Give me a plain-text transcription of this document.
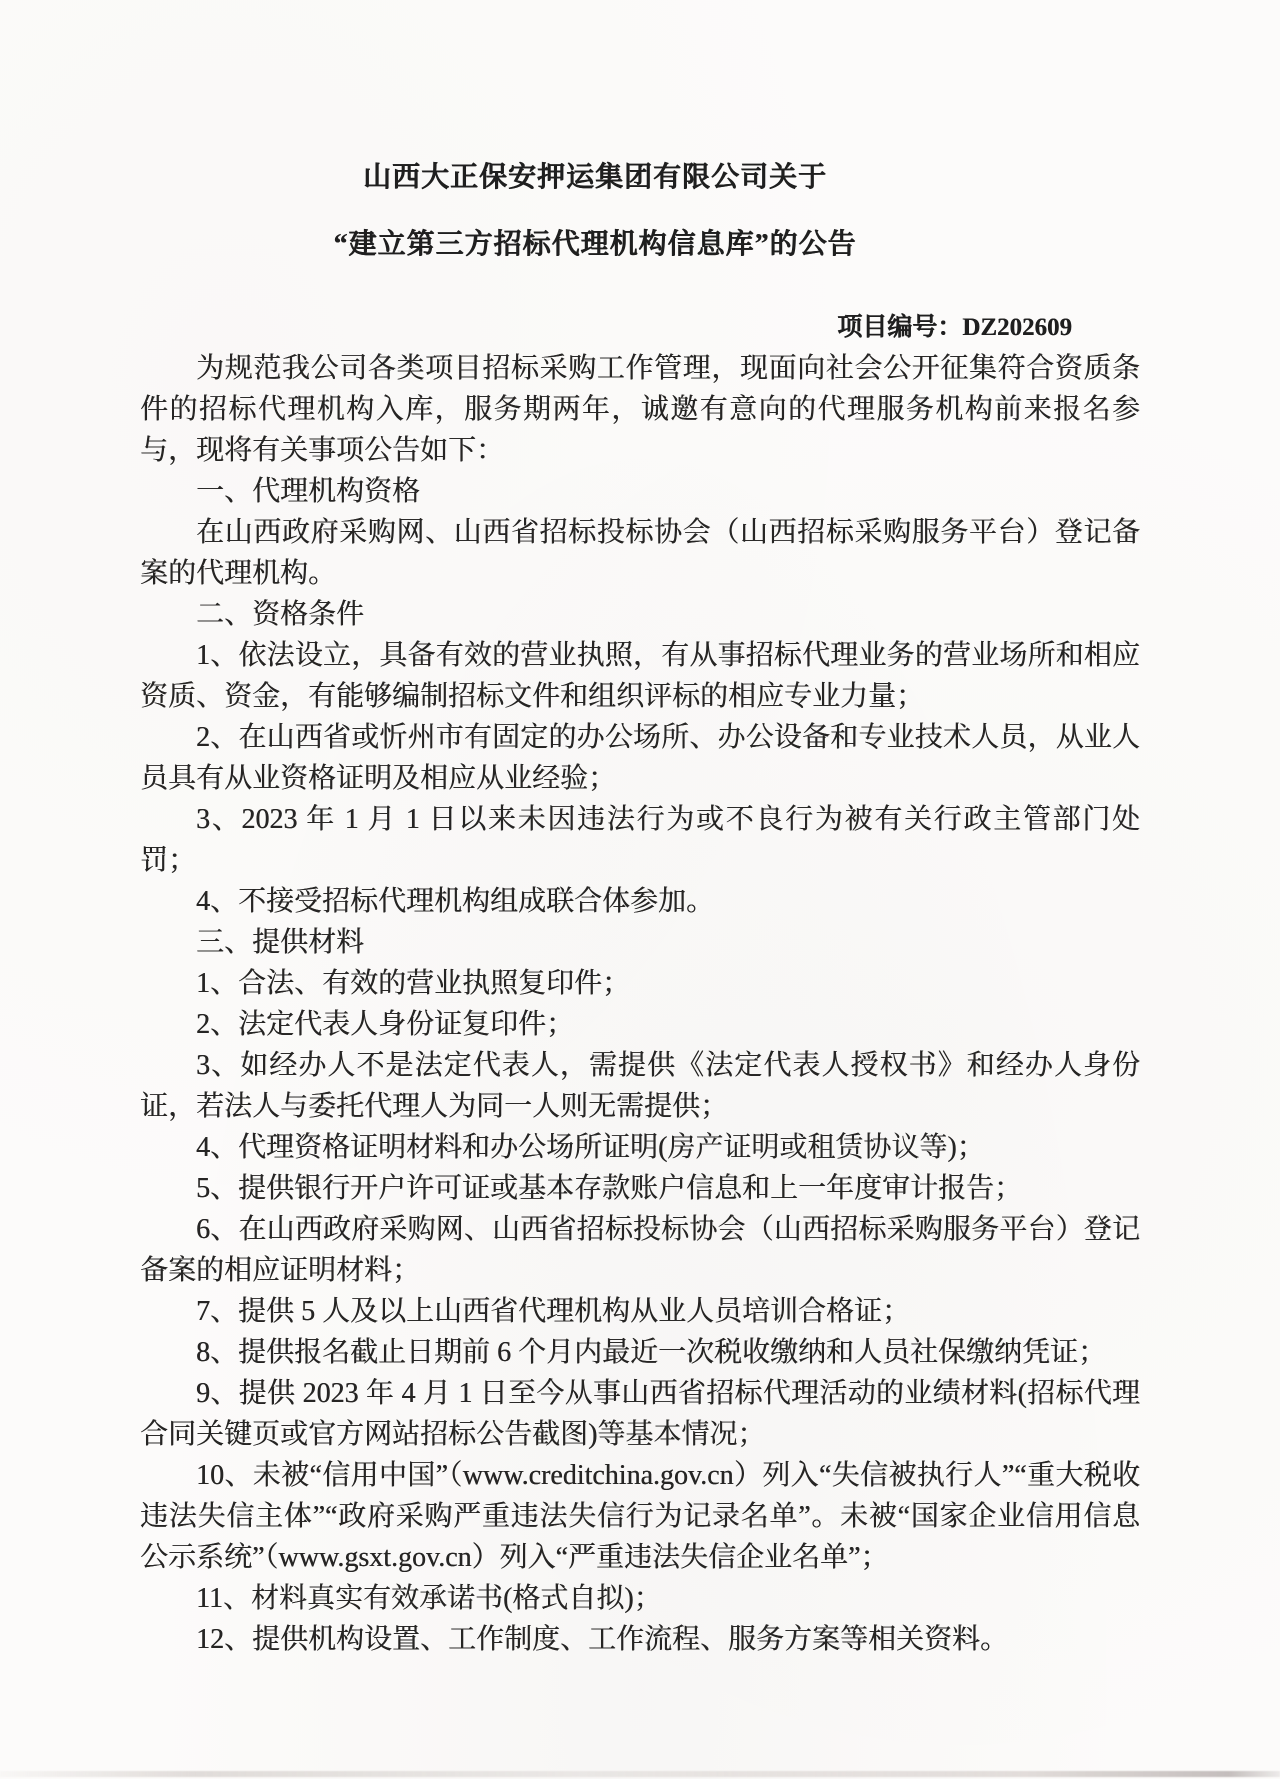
山西大正保安押运集团有限公司关于
“建立第三方招标代理机构信息库”的公告
项目编号：DZ202609

为规范我公司各类项目招标采购工作管理，现面向社会公开征集符合资质条件的招标代理机构入库，服务期两年，诚邀有意向的代理服务机构前来报名参与，现将有关事项公告如下：

一、代理机构资格

在山西政府采购网、山西省招标投标协会（山西招标采购服务平台）登记备案的代理机构。

二、资格条件

1、依法设立，具备有效的营业执照，有从事招标代理业务的营业场所和相应资质、资金，有能够编制招标文件和组织评标的相应专业力量；

2、在山西省或忻州市有固定的办公场所、办公设备和专业技术人员，从业人员具有从业资格证明及相应从业经验；

3、2023 年 1 月 1 日以来未因违法行为或不良行为被有关行政主管部门处罚；

4、不接受招标代理机构组成联合体参加。

三、提供材料

1、合法、有效的营业执照复印件；

2、法定代表人身份证复印件；

3、如经办人不是法定代表人，需提供《法定代表人授权书》和经办人身份证，若法人与委托代理人为同一人则无需提供；

4、代理资格证明材料和办公场所证明(房产证明或租赁协议等)；

5、提供银行开户许可证或基本存款账户信息和上一年度审计报告；

6、在山西政府采购网、山西省招标投标协会（山西招标采购服务平台）登记备案的相应证明材料；

7、提供 5 人及以上山西省代理机构从业人员培训合格证；

8、提供报名截止日期前 6 个月内最近一次税收缴纳和人员社保缴纳凭证；

9、提供 2023 年 4 月 1 日至今从事山西省招标代理活动的业绩材料(招标代理合同关键页或官方网站招标公告截图)等基本情况；

10、未被“信用中国”（www.creditchina.gov.cn）列入“失信被执行人”“重大税收违法失信主体”“政府采购严重违法失信行为记录名单”。未被“国家企业信用信息公示系统”（www.gsxt.gov.cn）列入“严重违法失信企业名单”；

11、材料真实有效承诺书(格式自拟)；

12、提供机构设置、工作制度、工作流程、服务方案等相关资料。
